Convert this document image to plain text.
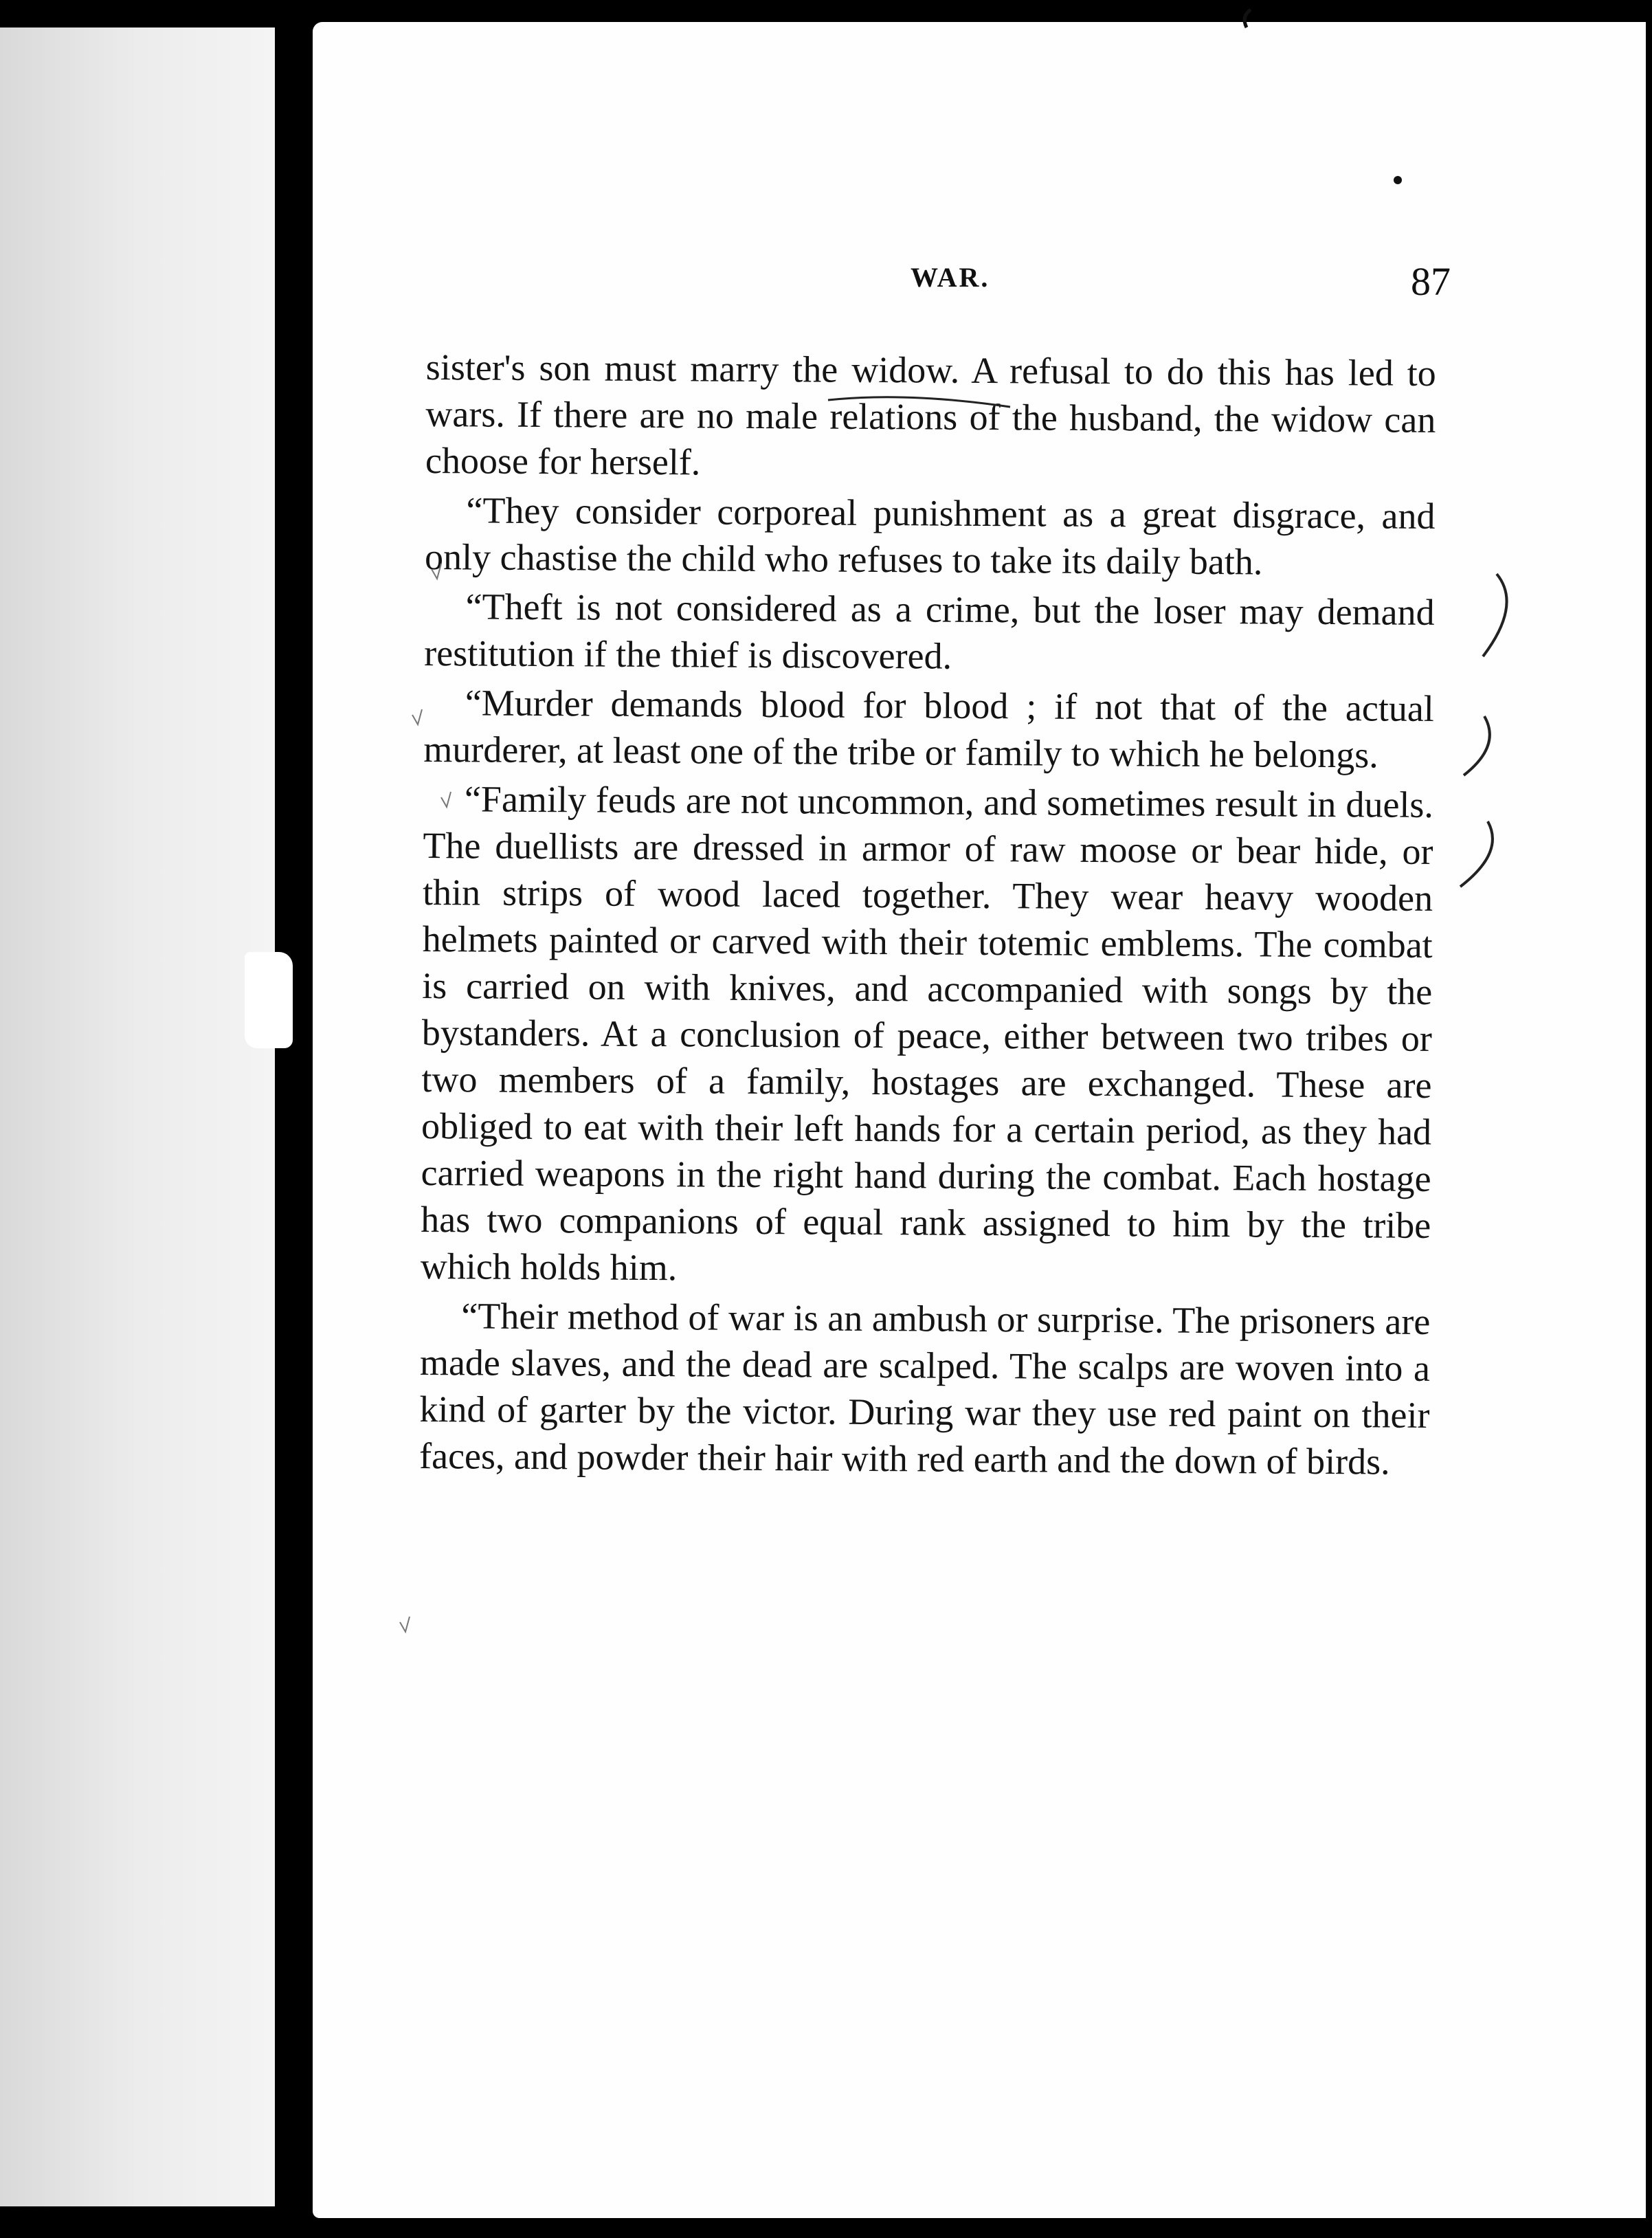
WAR.	87

sister's son must marry the widow. A refusal to do this has led to wars. If there are no male relations of the husband, the widow can choose for herself.

“They consider corporeal punishment as a great disgrace, and only chastise the child who refuses to take its daily bath.

“Theft is not considered as a crime, but the loser may demand restitution if the thief is discovered.

“Murder demands blood for blood ; if not that of the actual murderer, at least one of the tribe or family to which he belongs.

“Family feuds are not uncommon, and sometimes result in duels. The duellists are dressed in armor of raw moose or bear hide, or thin strips of wood laced together. They wear heavy wooden helmets painted or carved with their totemic emblems. The combat is carried on with knives, and accompanied with songs by the bystanders. At a conclusion of peace, either between two tribes or two members of a family, hostages are exchanged. These are obliged to eat with their left hands for a certain period, as they had carried weapons in the right hand during the combat. Each hostage has two companions of equal rank assigned to him by the tribe which holds him.

“Their method of war is an ambush or surprise. The prisoners are made slaves, and the dead are scalped. The scalps are woven into a kind of garter by the victor. During war they use red paint on their faces, and powder their hair with red earth and the down of birds.
